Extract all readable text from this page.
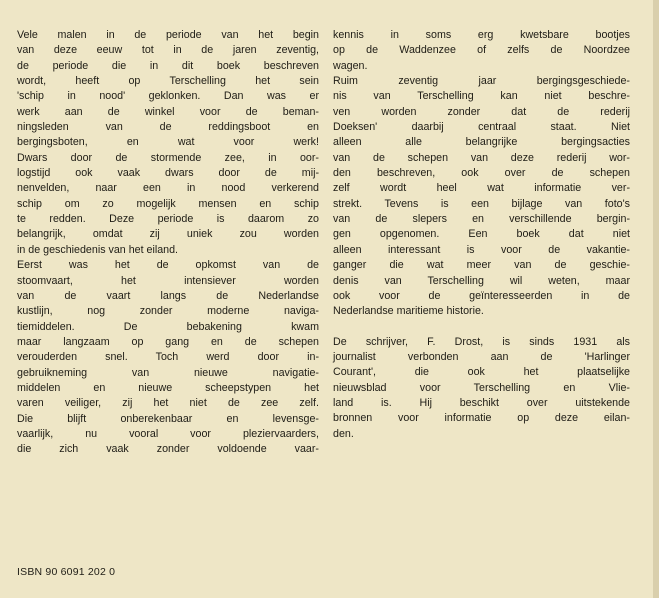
Vele malen in de periode van het begin
van deze eeuw tot in de jaren zeventig,
de periode die in dit boek beschreven
wordt, heeft op Terschelling het sein
'schip in nood' geklonken. Dan was er
werk aan de winkel voor de beman-
ningsleden van de reddingsboot en
bergingsboten, en wat voor werk!
Dwars door de stormende zee, in oor-
logstijd ook vaak dwars door de mij-
nenvelden, naar een in nood verkerend
schip om zo mogelijk mensen en schip
te redden. Deze periode is daarom zo
belangrijk, omdat zij uniek zou worden
in de geschiedenis van het eiland.
Eerst was het de opkomst van de
stoomvaart, het intensiever worden
van de vaart langs de Nederlandse
kustlijn, nog zonder moderne naviga-
tiemiddelen. De bebakening kwam
maar langzaam op gang en de schepen
verouderden snel. Toch werd door in-
gebruikneming van nieuwe navigatie-
middelen en nieuwe scheepstypen het
varen veiliger, zij het niet de zee zelf.
Die blijft onberekenbaar en levensge-
vaarlijk, nu vooral voor pleziervaarders,
die zich vaak zonder voldoende vaar-
kennis in soms erg kwetsbare bootjes
op de Waddenzee of zelfs de Noordzee
wagen.
Ruim zeventig jaar bergingsgeschiede-
nis van Terschelling kan niet beschre-
ven worden zonder dat de rederij
Doeksen' daarbij centraal staat. Niet
alleen alle belangrijke bergingsacties
van de schepen van deze rederij wor-
den beschreven, ook over de schepen
zelf wordt heel wat informatie ver-
strekt. Tevens is een bijlage van foto's
van de slepers en verschillende bergin-
gen opgenomen. Een boek dat niet
alleen interessant is voor de vakantie-
ganger die wat meer van de geschie-
denis van Terschelling wil weten, maar
ook voor de geïnteresseerden in de
Nederlandse maritieme historie.
De schrijver, F. Drost, is sinds 1931 als
journalist verbonden aan de 'Harlinger
Courant', die ook het plaatselijke
nieuwsblad voor Terschelling en Vlie-
land is. Hij beschikt over uitstekende
bronnen voor informatie op deze eilan-
den.
ISBN 90 6091 202 0
